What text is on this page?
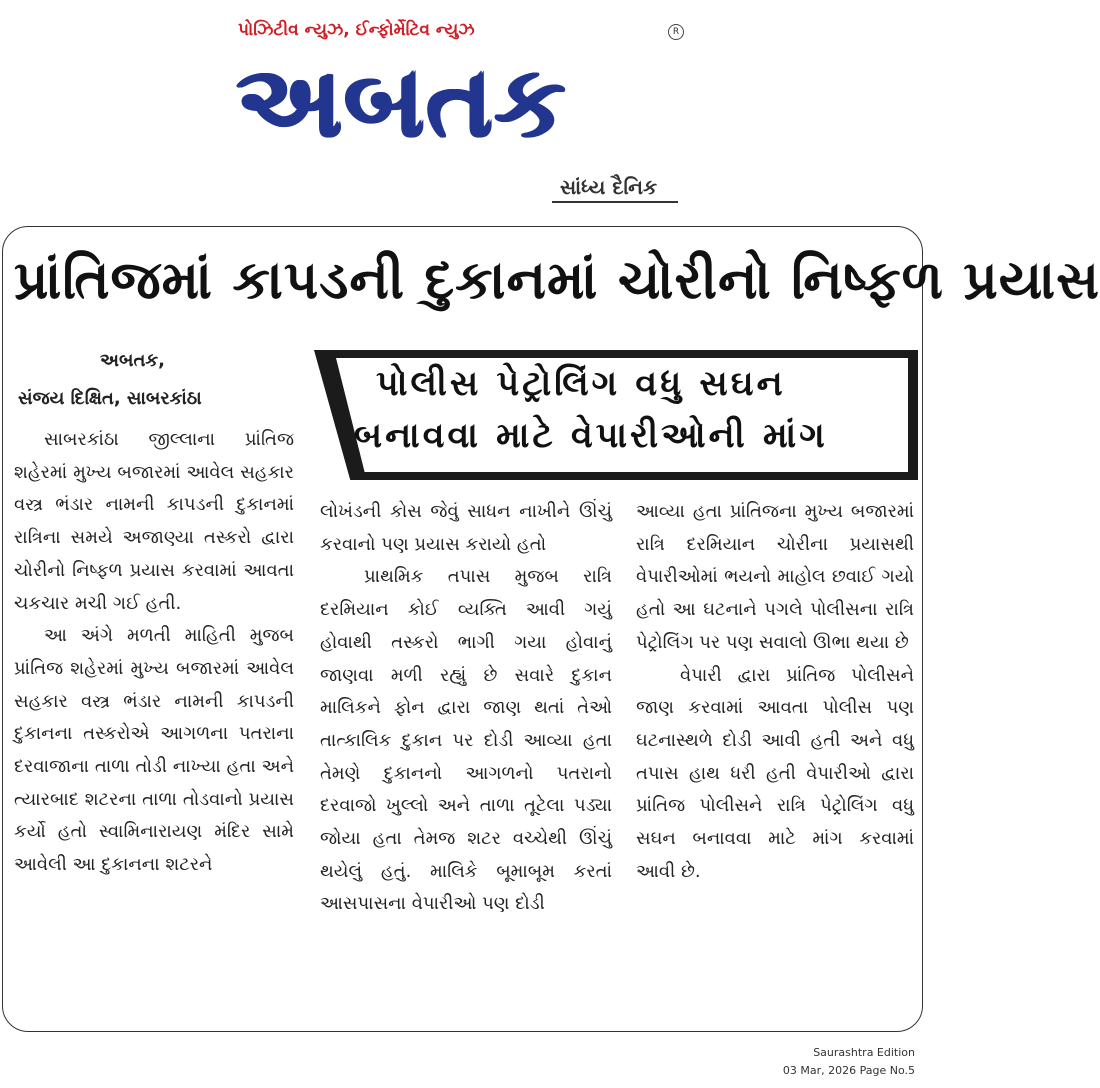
પોઝિટીવ ન્યુઝ, ઈન્ફોર્મેટિવ ન્યુઝ	R
અબતક
સાંધ્ય દૈનિક
પ્રાંતિજમાં કાપડની દુકાનમાં ચોરીનો નિષ્ફળ પ્રયાસ
અબતક,
સંજય દિક્ષિત, સાબરકાંઠા	પોલીસ પેટ્રોલિંગ વધુ સઘન
બનાવવા માટે વેપારીઓની માંગ

સાબરકાંઠા જીલ્લાના પ્રાંતિજ શહેરમાં મુખ્ય બજારમાં આવેલ સહકાર વસ્ત્ર ભંડાર નામની કાપડની દુકાનમાં રાત્રિના સમયે અજાણ્યા તસ્કરો દ્વારા ચોરીનો નિષ્ફળ પ્રયાસ કરવામાં આવતા ચકચાર મચી ગઈ હતી.

આ અંગે મળતી માહિતી મુજબ પ્રાંતિજ શહેરમાં મુખ્ય બજારમાં આવેલ સહકાર વસ્ત્ર ભંડાર નામની કાપડની દુકાનના તસ્કરોએ આગળના પતરાના દરવાજાના તાળા તોડી નાખ્યા હતા અને ત્યારબાદ શટરના તાળા તોડવાનો પ્રયાસ કર્યો હતો સ્વામિનારાયણ મંદિર સામે આવેલી આ દુકાનના શટરને

લોખંડની કોસ જેવું સાધન નાખીને ઊંચું કરવાનો પણ પ્રયાસ કરાયો હતો

પ્રાથમિક તપાસ મુજબ રાત્રિ દરમિયાન કોઈ વ્યક્તિ આવી ગયું હોવાથી તસ્કરો ભાગી ગયા હોવાનું જાણવા મળી રહ્યું છે સવારે દુકાન માલિકને ફોન દ્વારા જાણ થતાં તેઓ તાત્કાલિક દુકાન પર દોડી આવ્યા હતા તેમણે દુકાનનો આગળનો પતરાનો દરવાજો ખુલ્લો અને તાળા તૂટેલા પડ્યા જોયા હતા તેમજ શટર વચ્ચેથી ઊંચું થયેલું હતું. માલિકે બૂમાબૂમ કરતાં આસપાસના વેપારીઓ પણ દોડી

આવ્યા હતા પ્રાંતિજના મુખ્ય બજારમાં રાત્રિ દરમિયાન ચોરીના પ્રયાસથી વેપારીઓમાં ભયનો માહોલ છવાઈ ગયો હતો આ ઘટનાને પગલે પોલીસના રાત્રિ પેટ્રોલિંગ પર પણ સવાલો ઊભા થયા છે

વેપારી દ્વારા પ્રાંતિજ પોલીસને જાણ કરવામાં આવતા પોલીસ પણ ઘટનાસ્થળે દોડી આવી હતી અને વધુ તપાસ હાથ ધરી હતી વેપારીઓ દ્વારા પ્રાંતિજ પોલીસને રાત્રિ પેટ્રોલિંગ વધુ સઘન બનાવવા માટે માંગ કરવામાં આવી છે.

Saurashtra Edition
03 Mar, 2026 Page No.5
